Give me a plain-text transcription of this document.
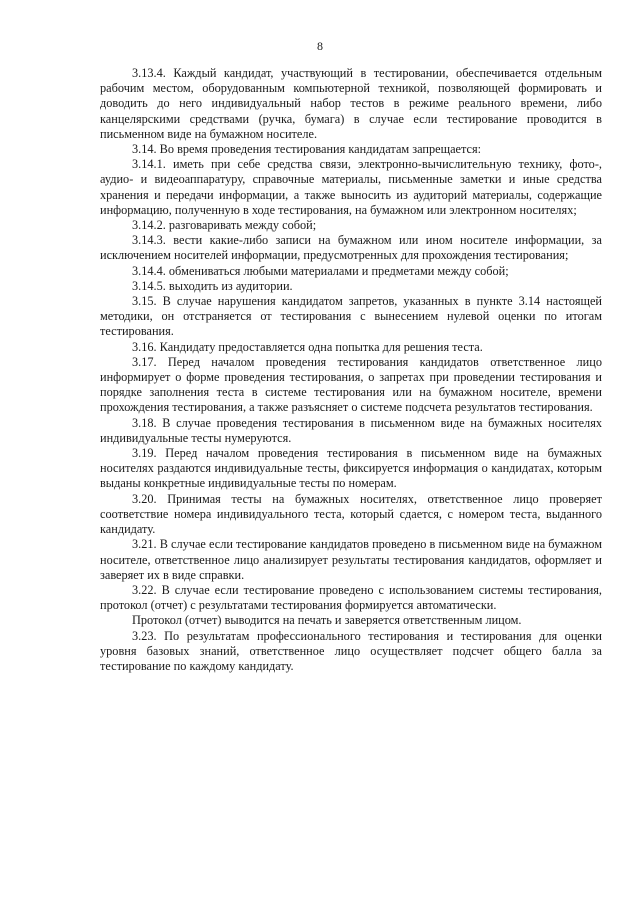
8

3.13.4. Каждый кандидат, участвующий в тестировании, обеспечивается отдельным рабочим местом, оборудованным компьютерной техникой, позволяющей формировать и доводить до него индивидуальный набор тестов в режиме реального времени, либо канцелярскими средствами (ручка, бумага) в случае если тестирование проводится в письменном виде на бумажном носителе.

3.14. Во время проведения тестирования кандидатам запрещается:

3.14.1. иметь при себе средства связи, электронно-вычислительную технику, фото-, аудио- и видеоаппаратуру, справочные материалы, письменные заметки и иные средства хранения и передачи информации, а также выносить из аудиторий материалы, содержащие информацию, полученную в ходе тестирования, на бумажном или электронном носителях;

3.14.2. разговаривать между собой;

3.14.3. вести какие-либо записи на бумажном или ином носителе информации, за исключением носителей информации, предусмотренных для прохождения тестирования;

3.14.4. обмениваться любыми материалами и предметами между собой;

3.14.5. выходить из аудитории.

3.15. В случае нарушения кандидатом запретов, указанных в пункте 3.14 настоящей методики, он отстраняется от тестирования с вынесением нулевой оценки по итогам тестирования.

3.16. Кандидату предоставляется одна попытка для решения теста.

3.17. Перед началом проведения тестирования кандидатов ответственное лицо информирует о форме проведения тестирования, о запретах при проведении тестирования и порядке заполнения теста в системе тестирования или на бумажном носителе, времени прохождения тестирования, а также разъясняет о системе подсчета результатов тестирования.

3.18. В случае проведения тестирования в письменном виде на бумажных носителях индивидуальные тесты нумеруются.

3.19. Перед началом проведения тестирования в письменном виде на бумажных носителях раздаются индивидуальные тесты, фиксируется информация о кандидатах, которым выданы конкретные индивидуальные тесты по номерам.

3.20. Принимая тесты на бумажных носителях, ответственное лицо проверяет соответствие номера индивидуального теста, который сдается, с номером теста, выданного кандидату.

3.21. В случае если тестирование кандидатов проведено в письменном виде на бумажном носителе, ответственное лицо анализирует результаты тестирования кандидатов, оформляет и заверяет их в виде справки.

3.22. В случае если тестирование проведено с использованием системы тестирования, протокол (отчет) с результатами тестирования формируется автоматически.

Протокол (отчет) выводится на печать и заверяется ответственным лицом.

3.23. По результатам профессионального тестирования и тестирования для оценки уровня базовых знаний, ответственное лицо осуществляет подсчет общего балла за тестирование по каждому кандидату.
